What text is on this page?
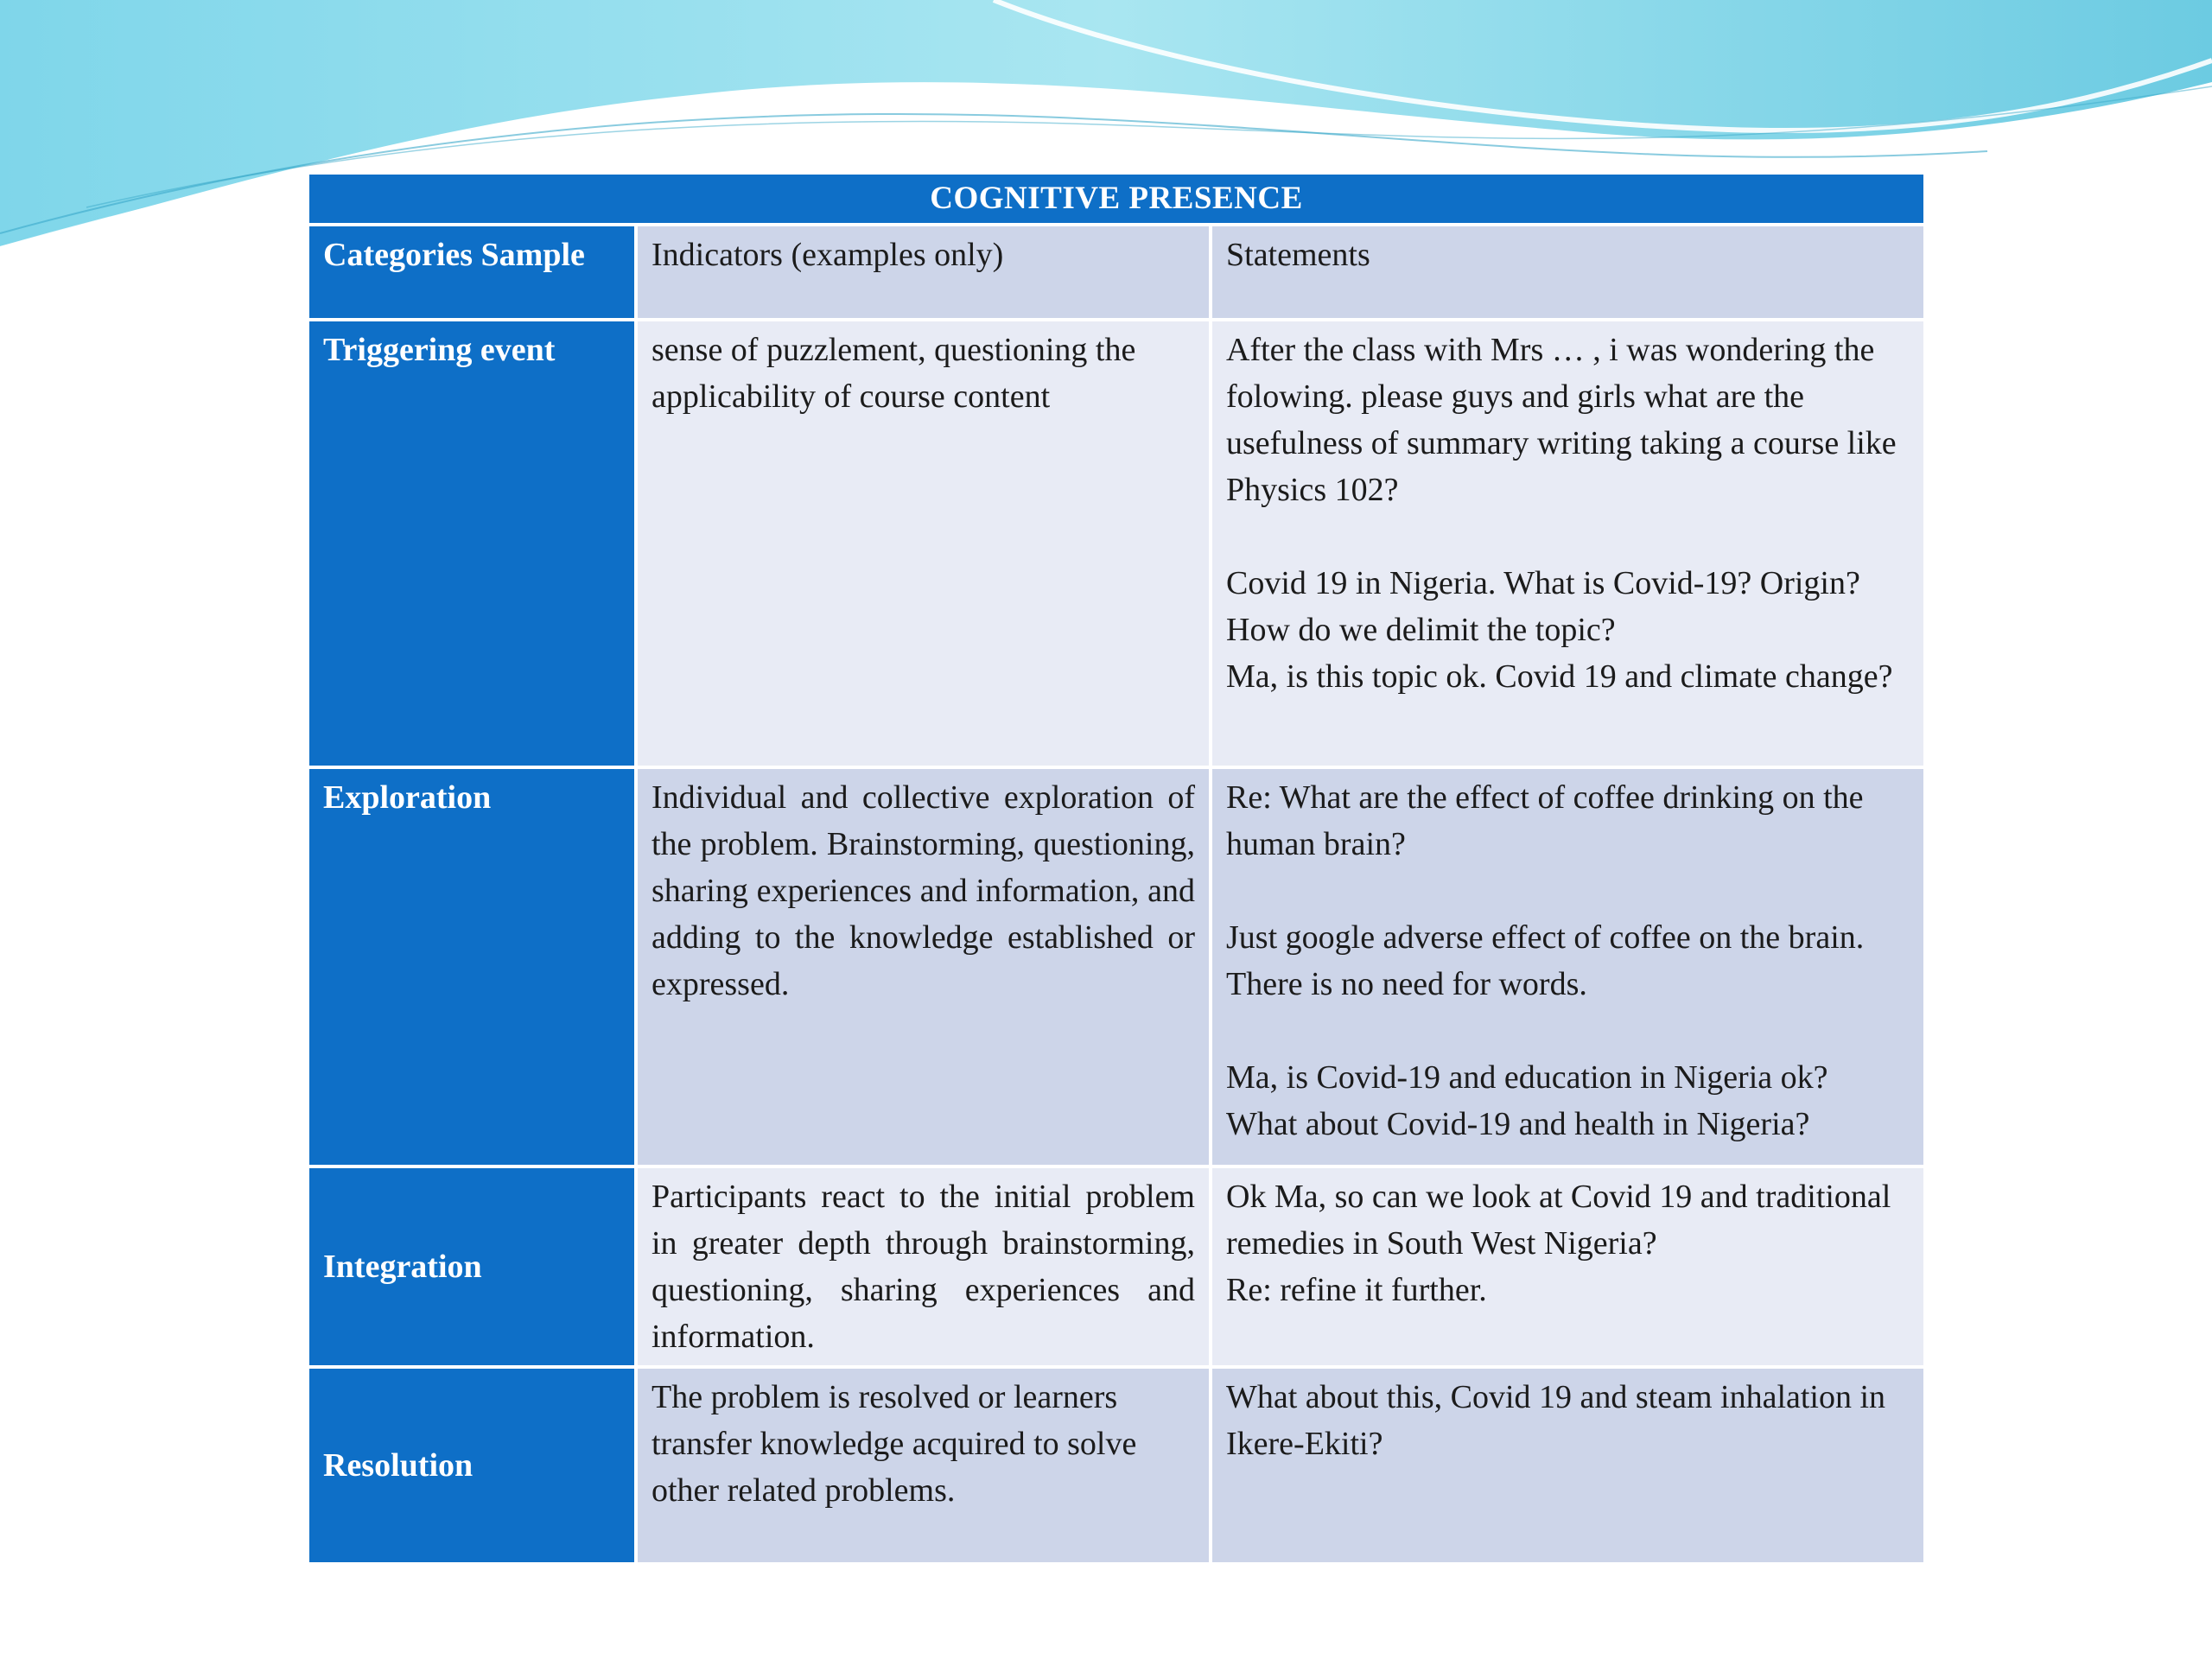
COGNITIVE PRESENCE		
Categories Sample	Indicators (examples only)	Statements
Triggering event	sense of puzzlement, questioning the applicability of course content	After the class with Mrs … , i was wondering the folowing. please guys and girls what are the usefulness of summary writing taking a course like Physics 102?

Covid 19 in Nigeria. What is Covid-19? Origin?
How do we delimit the topic?
Ma, is this topic ok. Covid 19 and climate change?

Exploration	Individual and collective exploration of the problem. Brainstorming, questioning, sharing experiences and information, and adding to the knowledge established or expressed.	Re: What are the effect of coffee drinking on the human brain?

Just google adverse effect of coffee on the brain. There is no need for words.

Ma, is Covid-19 and education in Nigeria ok?
What about Covid-19 and health in Nigeria?

Integration	Participants react to the initial problem in greater depth through brainstorming, questioning, sharing experiences and information.	Ok Ma, so can we look at Covid 19 and traditional remedies in South West Nigeria?
Re: refine it further.

Resolution	The problem is resolved or learners transfer knowledge acquired to solve other related problems.	What about this, Covid 19 and steam inhalation in Ikere-Ekiti?
